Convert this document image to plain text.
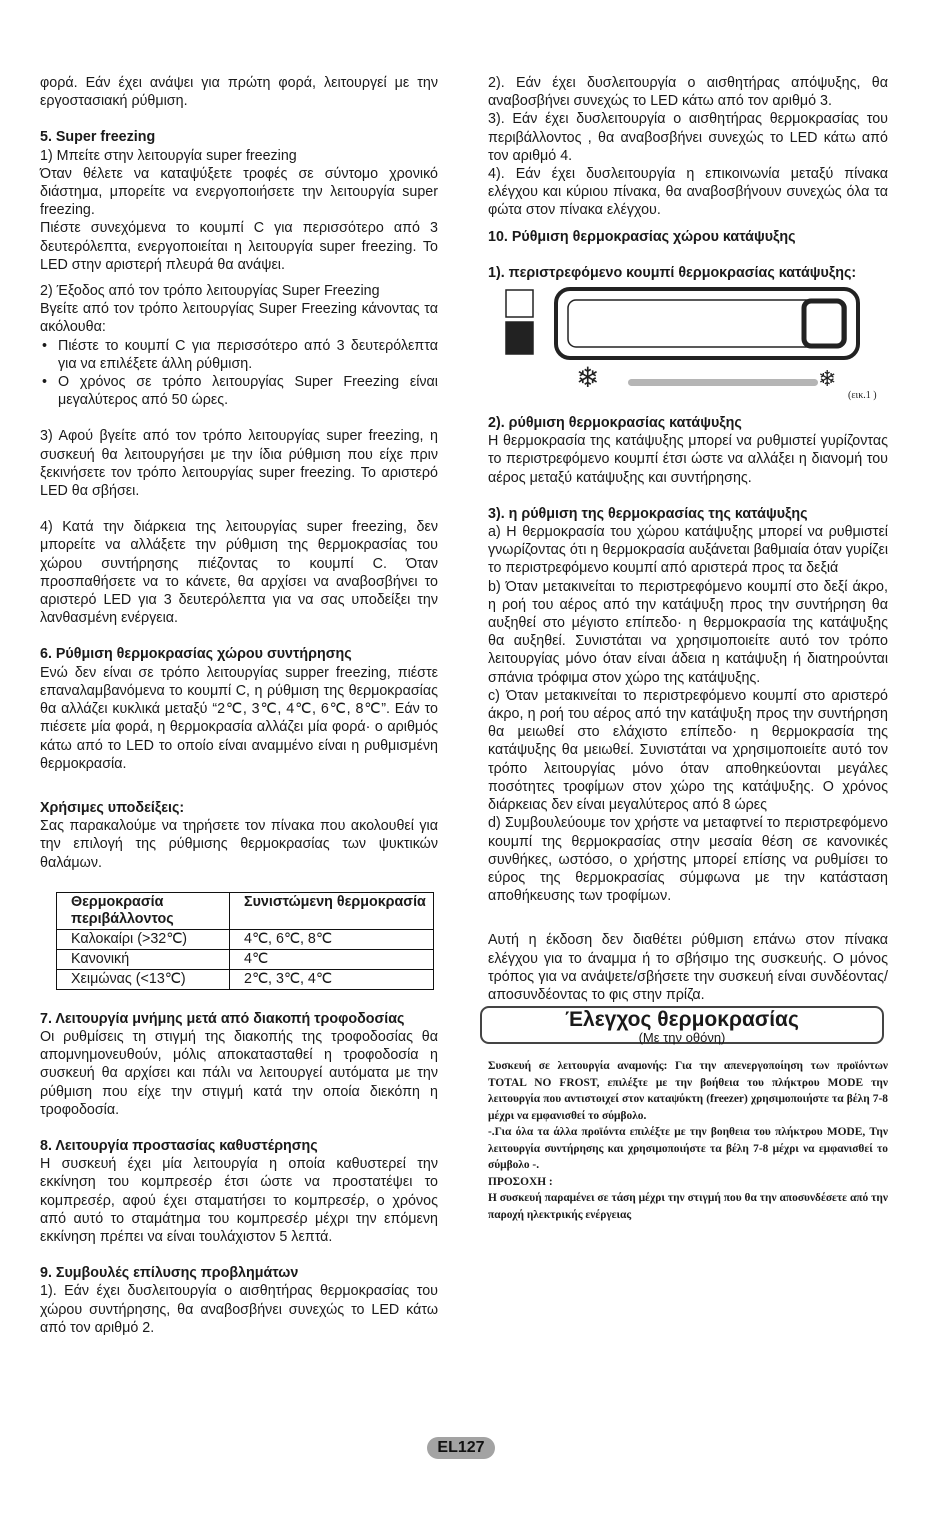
φορά. Εάν έχει ανάψει για πρώτη φορά, λειτουργεί με την εργοστασιακή ρύθμιση.

5. Super freezing

1) Μπείτε στην λειτουργία super freezing

Όταν θέλετε να καταψύξετε τροφές σε σύντομο χρονικό διάστημα, μπορείτε να ενεργοποιήσετε την λειτουργία super freezing.

Πιέστε συνεχόμενα το κουμπί C για περισσότερο από 3 δευτερόλεπτα, ενεργοποιείται η λειτουργία super freezing. Το LED στην αριστερή πλευρά θα ανάψει.

2) Έξοδος από τον τρόπο λειτουργίας Super Freezing

Βγείτε από τον τρόπο λειτουργίας Super Freezing κάνοντας τα ακόλουθα:

• Πιέστε το κουμπί C για περισσότερο από 3 δευτερόλεπτα για να επιλέξετε άλλη ρύθμιση.

• Ο χρόνος σε τρόπο λειτουργίας Super Freezing είναι μεγαλύτερος από 50 ώρες.

3) Αφού βγείτε από τον τρόπο λειτουργίας super freezing, η συσκευή θα λειτουργήσει με την ίδια ρύθμιση που είχε πριν ξεκινήσετε τον τρόπο λειτουργίας super freezing. Το αριστερό LED θα σβήσει.

4) Κατά την διάρκεια της λειτουργίας super freezing, δεν μπορείτε να αλλάξετε την ρύθμιση της θερμοκρασίας του χώρου συντήρησης πιέζοντας το κουμπί C. Όταν προσπαθήσετε να το κάνετε, θα αρχίσει να αναβοσβήνει το αριστερό LED για 3 δευτερόλεπτα για να σας υποδείξει την λανθασμένη ενέργεια.

6. Ρύθμιση θερμοκρασίας χώρου συντήρησης

Ενώ δεν είναι σε τρόπο λειτουργίας supper freezing, πιέστε επαναλαμβανόμενα το κουμπί C, η ρύθμιση της θερμοκρασίας θα αλλάζει κυκλικά μεταξύ “2℃, 3℃, 4℃, 6℃, 8℃”. Εάν το πιέσετε μία φορά, η θερμοκρασία αλλάζει μία φορά· ο αριθμός κάτω από το LED το οποίο είναι αναμμένο είναι η ρυθμισμένη θερμοκρασία.

Χρήσιμες υποδείξεις:

Σας παρακαλούμε να τηρήσετε τον πίνακα που ακολουθεί για την επιλογή της ρύθμισης θερμοκρασίας των ψυκτικών θαλάμων.

Θερμοκρασία περιβάλλοντος	Συνιστώμενη θερμοκρασία
Καλοκαίρι (>32℃)	4℃, 6℃, 8℃
Κανονική	4℃
Χειμώνας (<13℃)	2℃, 3℃, 4℃

7. Λειτουργία μνήμης μετά από διακοπή τροφοδοσίας

Οι ρυθμίσεις τη στιγμή της διακοπής της τροφοδοσίας θα απομνημονευθούν, μόλις αποκατασταθεί η τροφοδοσία η συσκευή θα αρχίσει και πάλι να λειτουργεί αυτόματα με την ρύθμιση που είχε την στιγμή κατά την οποία διεκόπη η τροφοδοσία.

8. Λειτουργία προστασίας καθυστέρησης

Η συσκευή έχει μία λειτουργία η οποία καθυστερεί την εκκίνηση του κομπρεσέρ έτσι ώστε να προστατέψει το κομπρεσέρ, αφού έχει σταματήσει το κομπρεσέρ, ο χρόνος από αυτό το σταμάτημα του κομπρεσέρ μέχρι την επόμενη εκκίνηση πρέπει να είναι τουλάχιστον 5 λεπτά.

9. Συμβουλές επίλυσης προβλημάτων

1). Εάν έχει δυσλειτουργία ο αισθητήρας θερμοκρασίας του χώρου συντήρησης, θα αναβοσβήνει συνεχώς το LED κάτω από τον αριθμό 2.

2). Εάν έχει δυσλειτουργία ο αισθητήρας απόψυξης, θα αναβοσβήνει συνεχώς το LED κάτω από τον αριθμό 3.

3). Εάν έχει δυσλειτουργία ο αισθητήρας θερμοκρασίας του περιβάλλοντος , θα αναβοσβήνει συνεχώς το LED κάτω από τον αριθμό 4.

4). Εάν έχει δυσλειτουργία η επικοινωνία μεταξύ πίνακα ελέγχου και κύριου πίνακα, θα αναβοσβήνουν συνεχώς όλα τα φώτα στον πίνακα ελέγχου.

10. Ρύθμιση θερμοκρασίας χώρου κατάψυξης

1). περιστρεφόμενο κουμπί θερμοκρασίας κατάψυξης:

❄	❄
(εικ.1 )

2). ρύθμιση θερμοκρασίας κατάψυξης

Η θερμοκρασία της κατάψυξης μπορεί να ρυθμιστεί γυρίζοντας το περιστρεφόμενο κουμπί έτσι ώστε να αλλάξει η διανομή του αέρος μεταξύ κατάψυξης και συντήρησης.

3). η ρύθμιση της θερμοκρασίας της κατάψυξης

a) Η θερμοκρασία του χώρου κατάψυξης μπορεί να ρυθμιστεί γνωρίζοντας ότι η θερμοκρασία αυξάνεται βαθμιαία όταν γυρίζει το περιστρεφόμενο κουμπί από αριστερά προς τα δεξιά

b) Όταν μετακινείται το περιστρεφόμενο κουμπί στο δεξί άκρο, η ροή του αέρος από την κατάψυξη προς την συντήρηση θα αυξηθεί στο μέγιστο επίπεδο· η θερμοκρασία της κατάψυξης θα αυξηθεί. Συνιστάται να χρησιμοποιείτε αυτό τον τρόπο λειτουργίας μόνο όταν είναι άδεια η κατάψυξη ή διατηρούνται σπάνια τρόφιμα στον χώρο της κατάψυξης.

c) Όταν μετακινείται το περιστρεφόμενο κουμπί στο αριστερό άκρο, η ροή του αέρος από την κατάψυξη προς την συντήρηση θα μειωθεί στο ελάχιστο επίπεδο· η θερμοκρασία της κατάψυξης θα μειωθεί. Συνιστάται να χρησιμοποιείτε αυτό τον τρόπο λειτουργίας μόνο όταν αποθηκεύονται μεγάλες ποσότητες τροφίμων στον χώρο της κατάψυξης. Ο χρόνος διάρκειας δεν είναι μεγαλύτερος από 8 ώρες

d) Συμβουλεύουμε τον χρήστε να μεταφτνεί το περιστρεφόμενο κουμπί της θερμοκρασίας στην μεσαία θέση σε κανονικές συνθήκες, ωστόσο, ο χρήστης μπορεί επίσης να ρυθμίσει το εύρος της θερμοκρασίας σύμφωνα με την κατάσταση αποθήκευσης των τροφίμων.

Αυτή η έκδοση δεν διαθέτει ρύθμιση επάνω στον πίνακα ελέγχου για το άναμμα ή το σβήσιμο της συσκευής. Ο μόνος τρόπος για να ανάψετε/σβήσετε την συσκευή είναι συνδέοντας/αποσυνδέοντας το φις στην πρίζα.

Έλεγχος θερμοκρασίας
(Με την οθόνη)

Συσκευή σε λειτουργία αναμονής: Για την απενεργοποίηση των προϊόντων TOTAL NO FROST, επιλέξτε με την βοήθεια του πλήκτρου MODE την λειτουργία που αντιστοιχεί στον καταψύκτη (freezer) χρησιμοποιήστε τα βέλη 7-8 μέχρι να εμφανισθεί το σύμβολο.

-.Για όλα τα άλλα προϊόντα επιλέξτε με την βοηθεια του πλήκτρου MODE, Την λειτουργία συντήρησης και χρησιμοποιήστε τα βέλη 7-8 μέχρι να εμφανισθεί το σύμβολο -.

ΠΡΟΣΟΧΗ :

Η συσκευή παραμένει σε τάση μέχρι την στιγμή που θα την αποσυνδέσετε από την παροχή ηλεκτρικής ενέργειας

EL127
